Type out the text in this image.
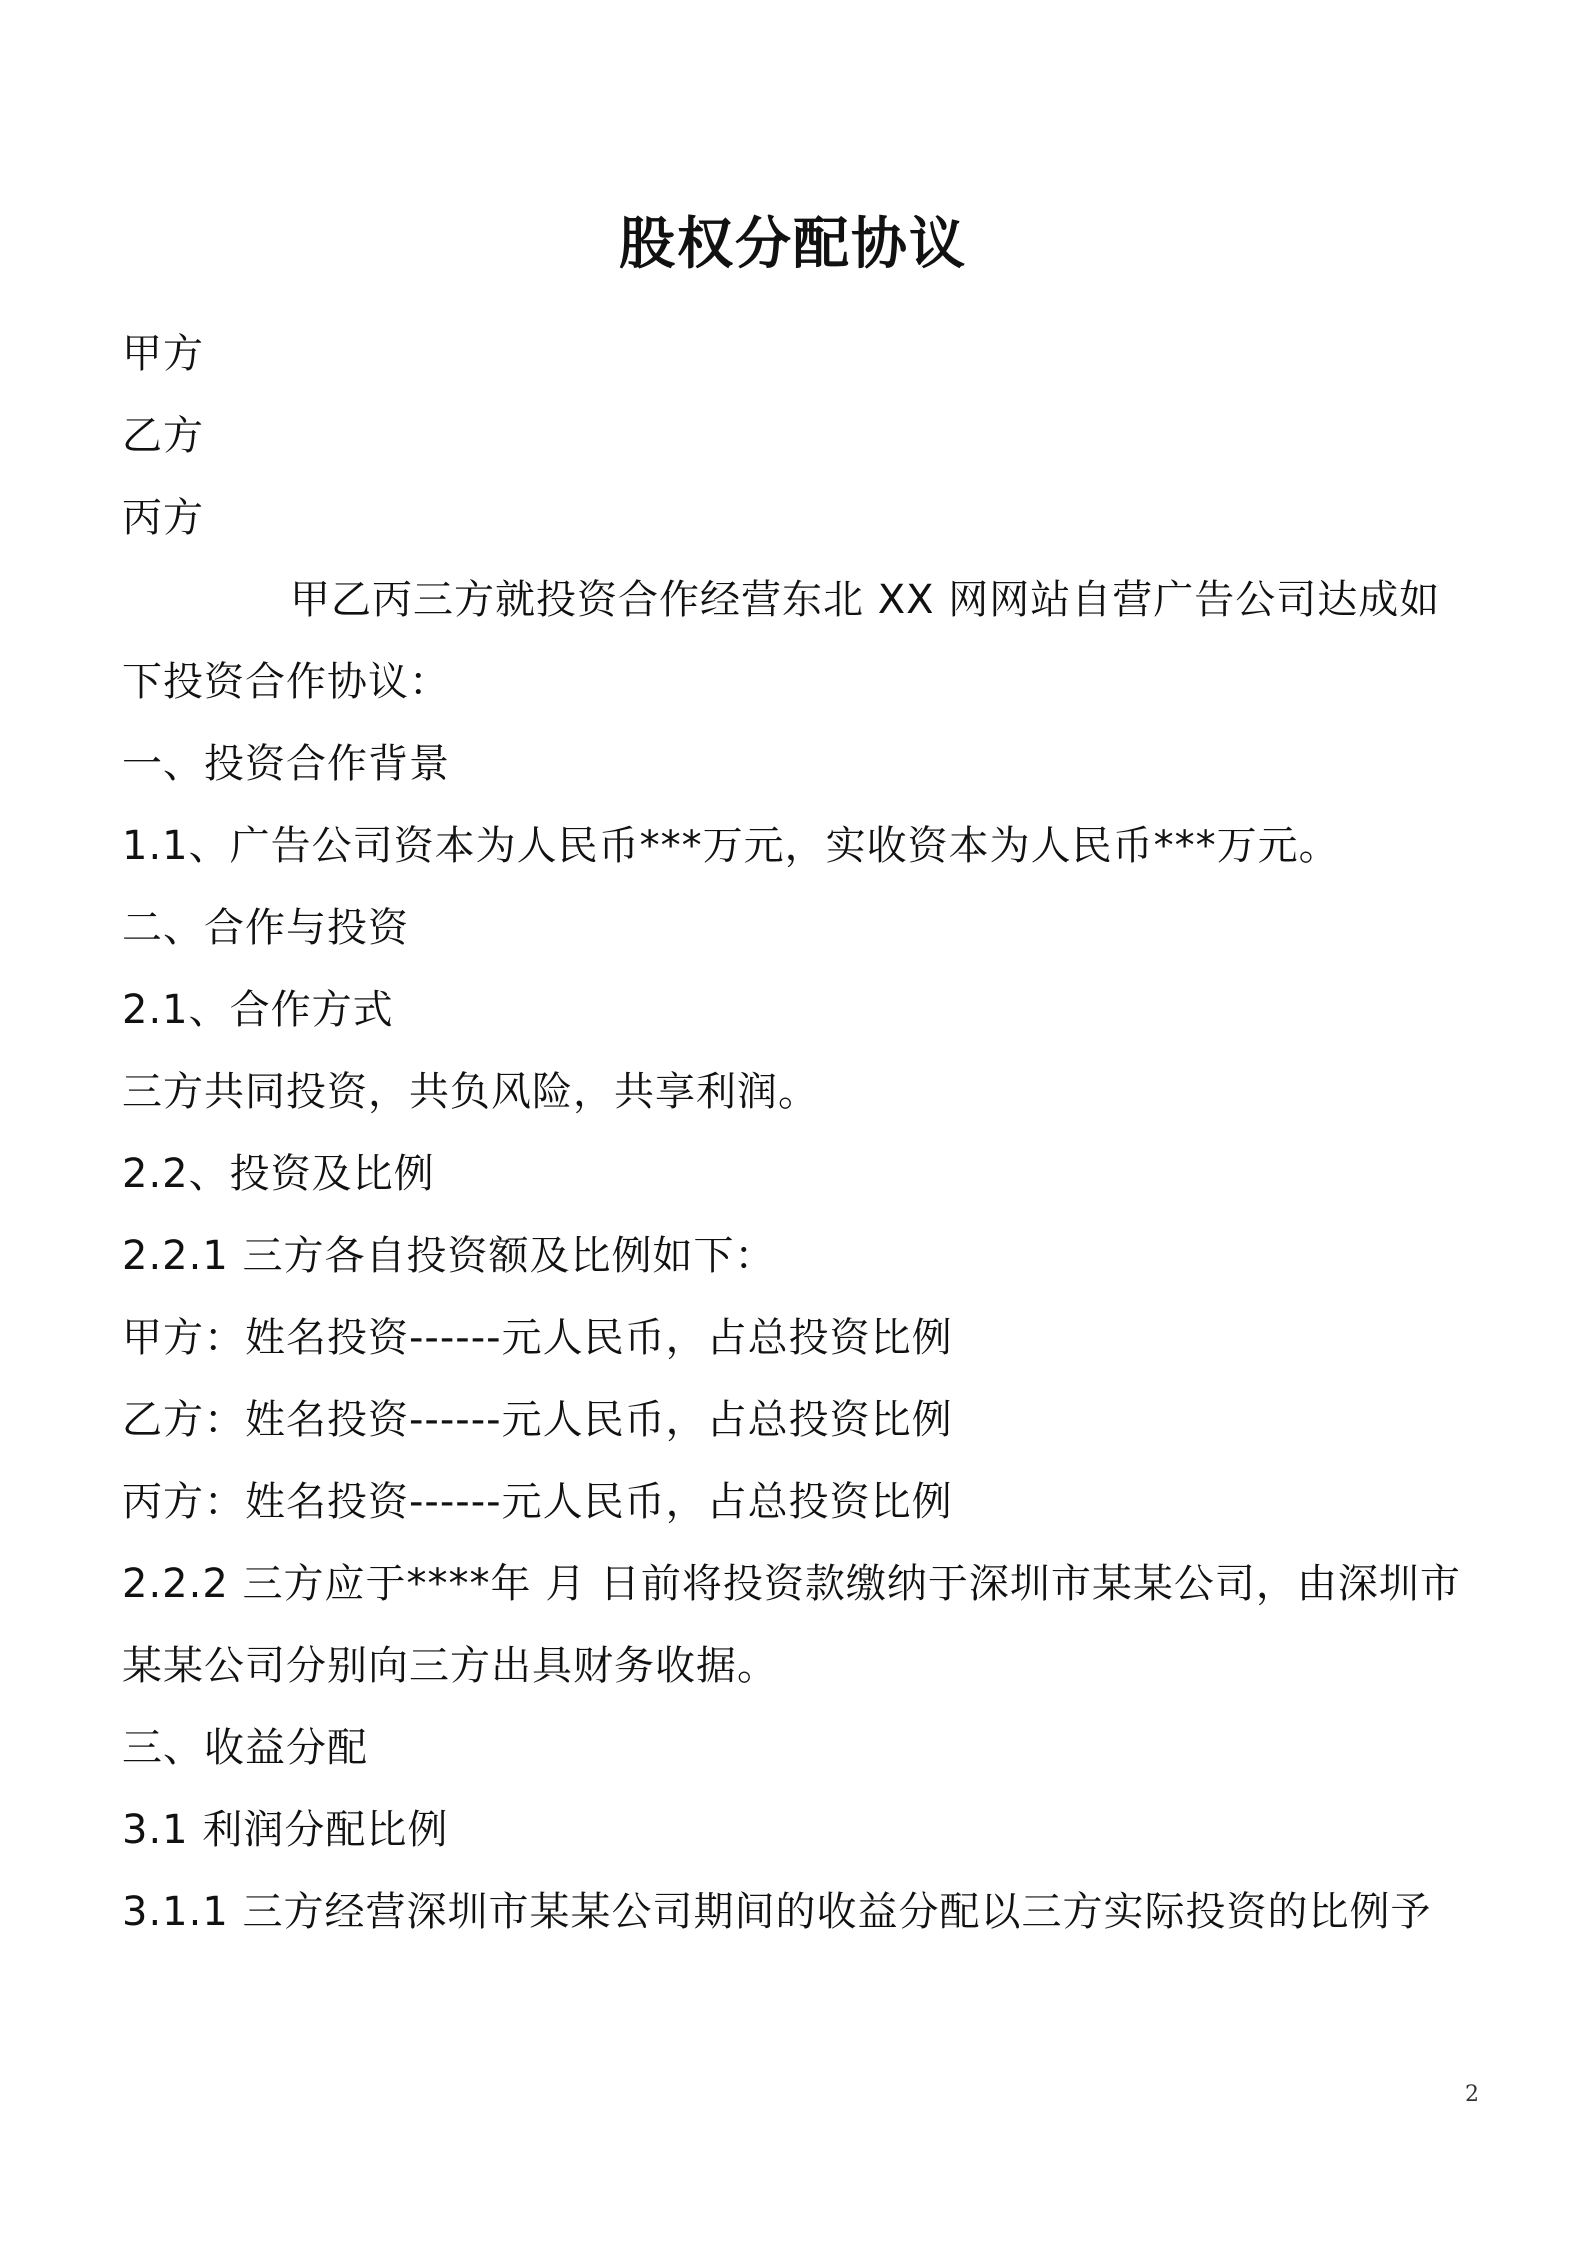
股权分配协议
甲方
乙方
丙方
甲乙丙三方就投资合作经营东北 XX 网网站自营广告公司达成如
下投资合作协议：
一、投资合作背景
1.1、广告公司资本为人民币***万元，实收资本为人民币***万元。
二、合作与投资
2.1、合作方式
三方共同投资，共负风险，共享利润。
2.2、投资及比例
2.2.1 三方各自投资额及比例如下：
甲方：姓名投资------元人民币，占总投资比例
乙方：姓名投资------元人民币，占总投资比例
丙方：姓名投资------元人民币，占总投资比例
2.2.2 三方应于****年 月 日前将投资款缴纳于深圳市某某公司，由深圳市
某某公司分别向三方出具财务收据。
三、收益分配
3.1 利润分配比例
3.1.1 三方经营深圳市某某公司期间的收益分配以三方实际投资的比例予
2
